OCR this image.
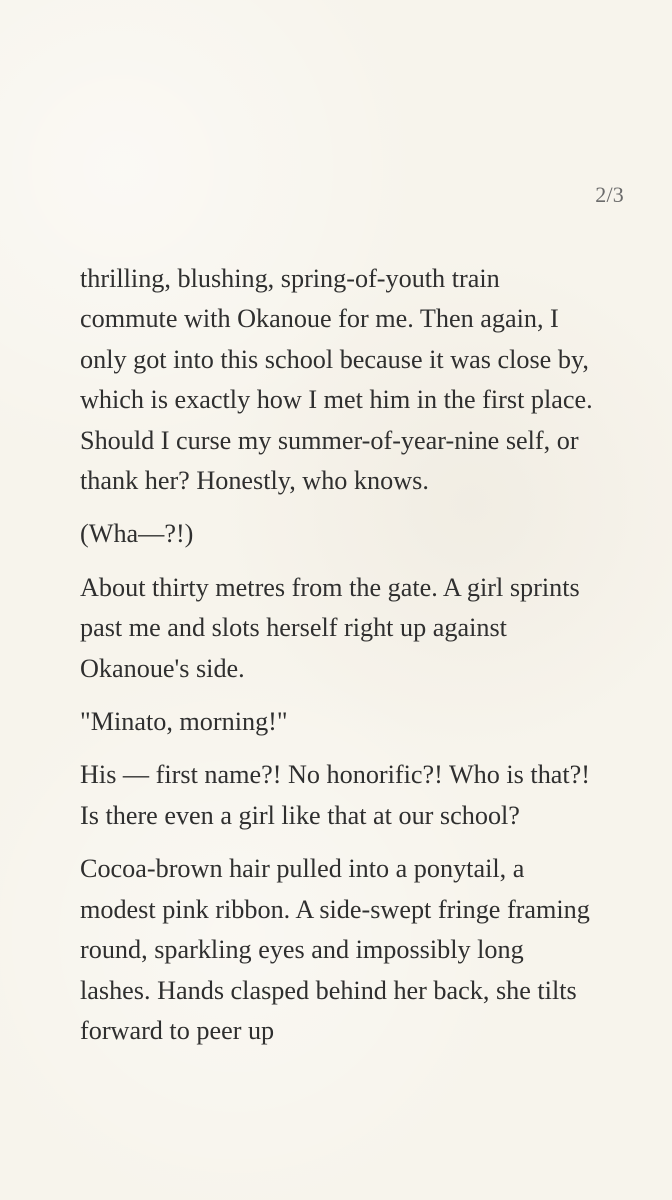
2/3

thrilling, blushing, spring-of-youth train commute with Okanoue for me. Then again, I only got into this school because it was close by, which is exactly how I met him in the first place. Should I curse my summer-of-year-nine self, or thank her? Honestly, who knows.

(Wha—?!)

About thirty metres from the gate. A girl sprints past me and slots herself right up against Okanoue's side.

"Minato, morning!"

His — first name?! No honorific?! Who is that?! Is there even a girl like that at our school?

Cocoa-brown hair pulled into a ponytail, a modest pink ribbon. A side-swept fringe framing round, sparkling eyes and impossibly long lashes. Hands clasped behind her back, she tilts forward to peer up
